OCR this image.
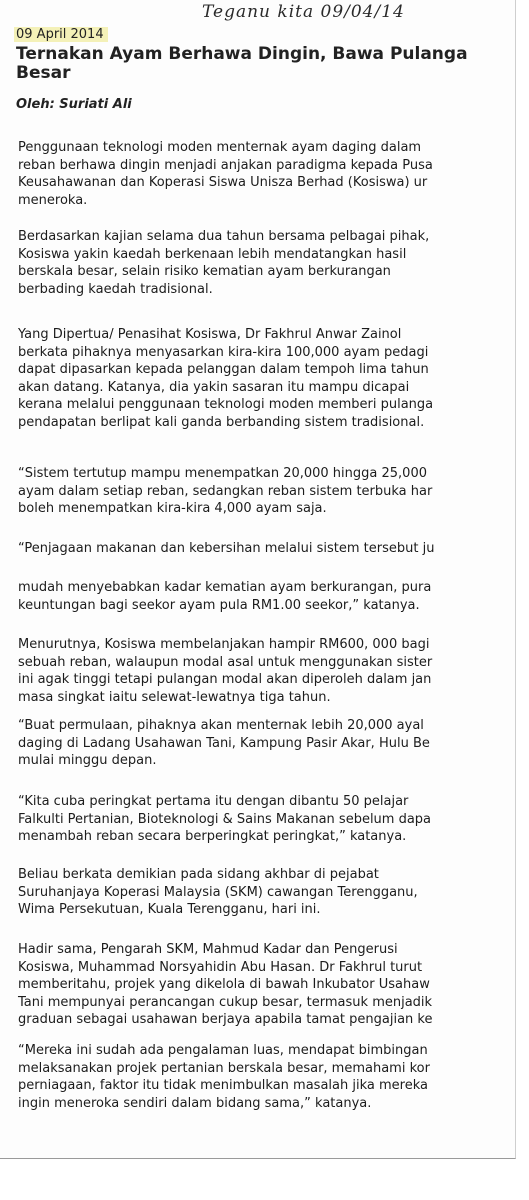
Teganu kita 09/04/14
09 April 2014
Ternakan Ayam Berhawa Dingin, Bawa Pulanga
Besar
Oleh: Suriati Ali

Penggunaan teknologi moden menternak ayam daging dalam
reban berhawa dingin menjadi anjakan paradigma kepada Pusa
Keusahawanan dan Koperasi Siswa Unisza Berhad (Kosiswa) ur
meneroka.

Berdasarkan kajian selama dua tahun bersama pelbagai pihak,
Kosiswa yakin kaedah berkenaan lebih mendatangkan hasil
berskala besar, selain risiko kematian ayam berkurangan
berbading kaedah tradisional.

Yang Dipertua/ Penasihat Kosiswa, Dr Fakhrul Anwar Zainol
berkata pihaknya menyasarkan kira-kira 100,000 ayam pedagi
dapat dipasarkan kepada pelanggan dalam tempoh lima tahun
akan datang. Katanya, dia yakin sasaran itu mampu dicapai
kerana melalui penggunaan teknologi moden memberi pulanga
pendapatan berlipat kali ganda berbanding sistem tradisional.

“Sistem tertutup mampu menempatkan 20,000 hingga 25,000
ayam dalam setiap reban, sedangkan reban sistem terbuka har
boleh menempatkan kira-kira 4,000 ayam saja.

“Penjagaan makanan dan kebersihan melalui sistem tersebut ju

mudah menyebabkan kadar kematian ayam berkurangan, pura
keuntungan bagi seekor ayam pula RM1.00 seekor,” katanya.

Menurutnya, Kosiswa membelanjakan hampir RM600, 000 bagi
sebuah reban, walaupun modal asal untuk menggunakan sister
ini agak tinggi tetapi pulangan modal akan diperoleh dalam jan
masa singkat iaitu selewat-lewatnya tiga tahun.

“Buat permulaan, pihaknya akan menternak lebih 20,000 ayal
daging di Ladang Usahawan Tani, Kampung Pasir Akar, Hulu Be
mulai minggu depan.

“Kita cuba peringkat pertama itu dengan dibantu 50 pelajar
Falkulti Pertanian, Bioteknologi & Sains Makanan sebelum dapa
menambah reban secara berperingkat peringkat,” katanya.

Beliau berkata demikian pada sidang akhbar di pejabat
Suruhanjaya Koperasi Malaysia (SKM) cawangan Terengganu,
Wima Persekutuan, Kuala Terengganu, hari ini.

Hadir sama, Pengarah SKM, Mahmud Kadar dan Pengerusi
Kosiswa, Muhammad Norsyahidin Abu Hasan. Dr Fakhrul turut
memberitahu, projek yang dikelola di bawah Inkubator Usahaw
Tani mempunyai perancangan cukup besar, termasuk menjadik
graduan sebagai usahawan berjaya apabila tamat pengajian ke

“Mereka ini sudah ada pengalaman luas, mendapat bimbingan
melaksanakan projek pertanian berskala besar, memahami kor
perniagaan, faktor itu tidak menimbulkan masalah jika mereka
ingin meneroka sendiri dalam bidang sama,” katanya.
